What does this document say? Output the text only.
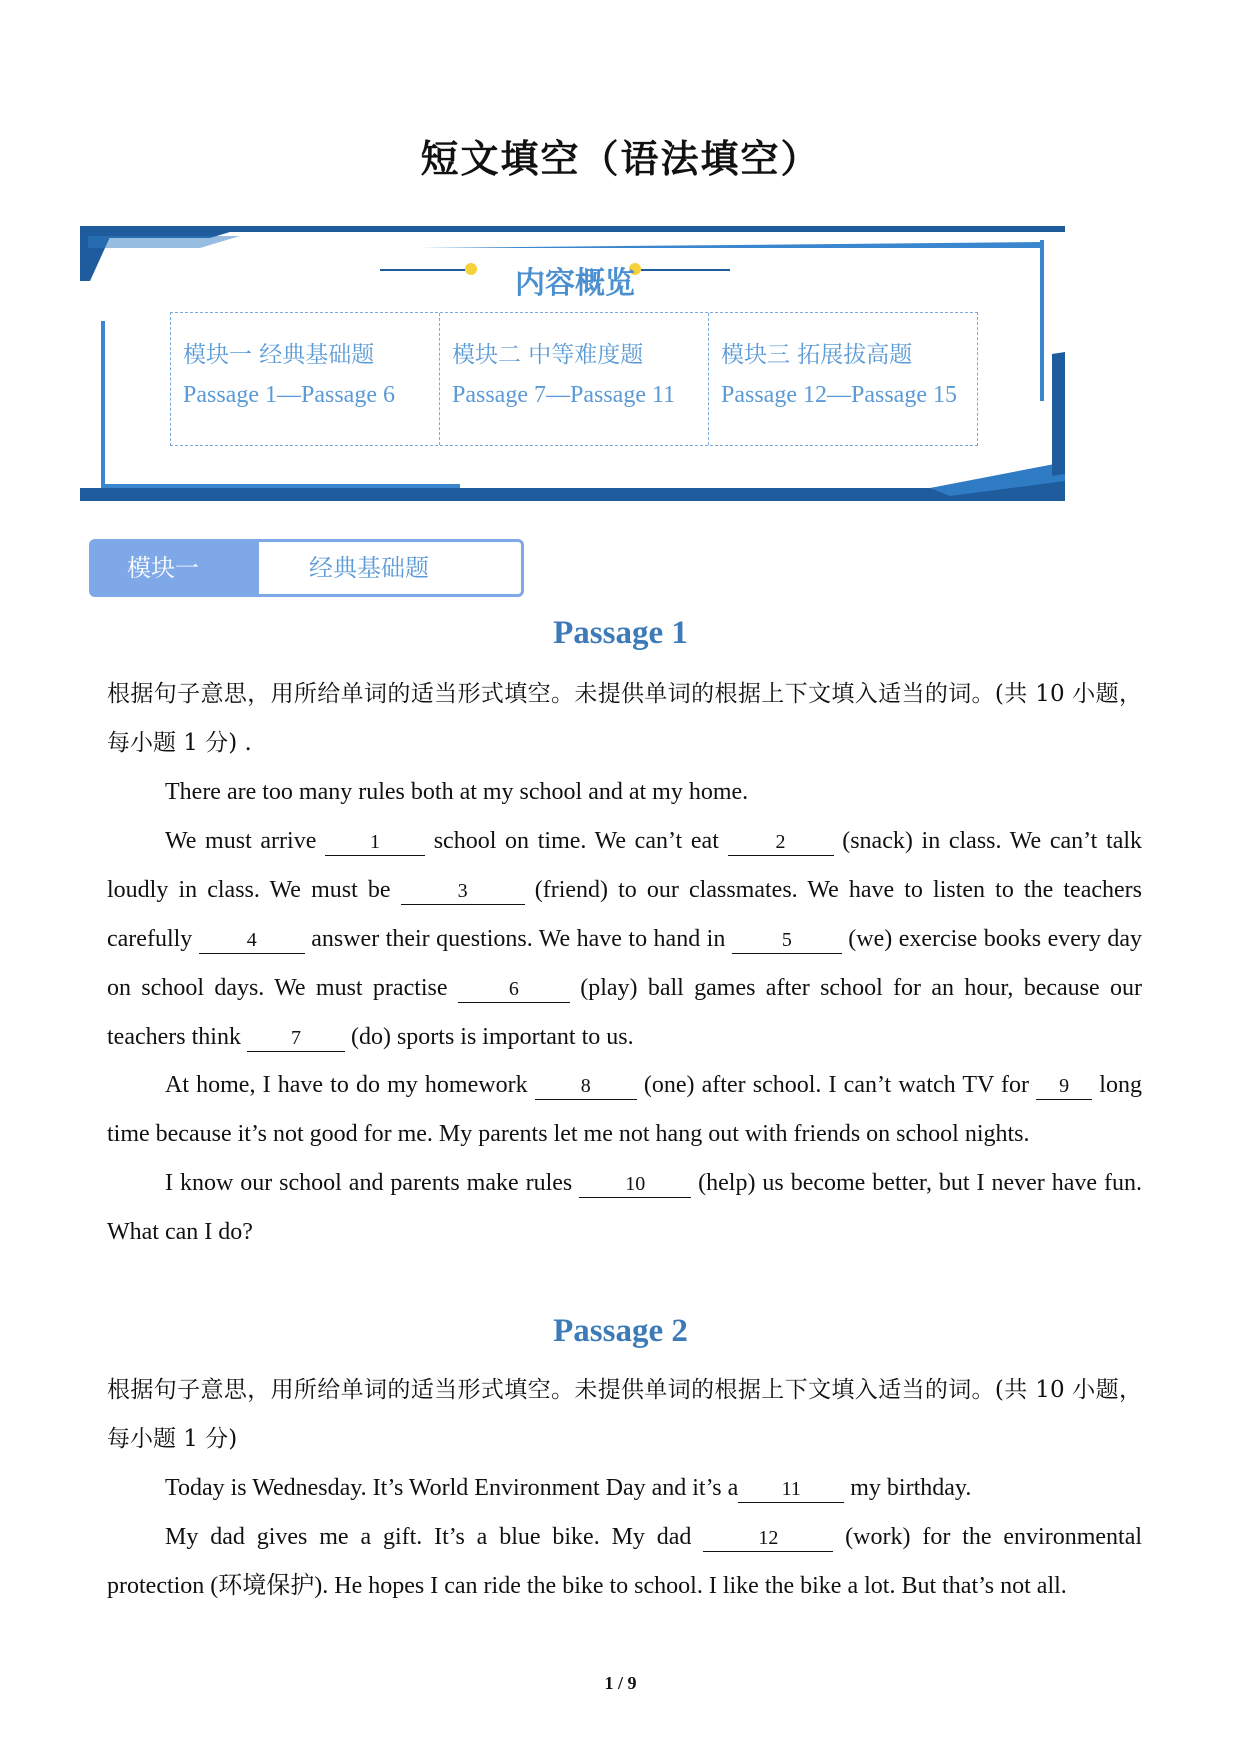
短文填空（语法填空）
内容概览
模块一 经典基础题
Passage 1—Passage 6
模块二 中等难度题
Passage 7—Passage 11
模块三 拓展拔高题
Passage 12—Passage 15
模块一	经典基础题
Passage 1

根据句子意思，用所给单词的适当形式填空。未提供单词的根据上下文填入适当的词。(共 10 小题，每小题 1 分) .

There are too many rules both at my school and at my home.

We must arrive 1 school on time. We can’t eat 2 (snack) in class. We can’t talk loudly in class. We must be	3 (friend) to our classmates. We have to listen to the teachers carefully 4 answer their questions. We have to hand in	5 (we) exercise books every day on school days. We must practise	6 (play) ball games after school for an hour, because our teachers think 7 (do) sports is important to us.

At home, I have to do my homework 8 (one) after school. I can’t watch TV for 9 long time because it’s not good for me. My parents let me not hang out with friends on school nights.

I know our school and parents make rules 10 (help) us become better, but I never have fun. What can I do?

Passage 2

根据句子意思，用所给单词的适当形式填空。未提供单词的根据上下文填入适当的词。(共 10 小题，每小题 1 分)

Today is Wednesday. It’s World Environment Day and it’s a 11 my birthday.

My dad gives me a gift. It’s a blue bike. My dad	12 (work) for the environmental protection (环境保护). He hopes I can ride the bike to school. I like the bike a lot. But that’s not all.

1 / 9
